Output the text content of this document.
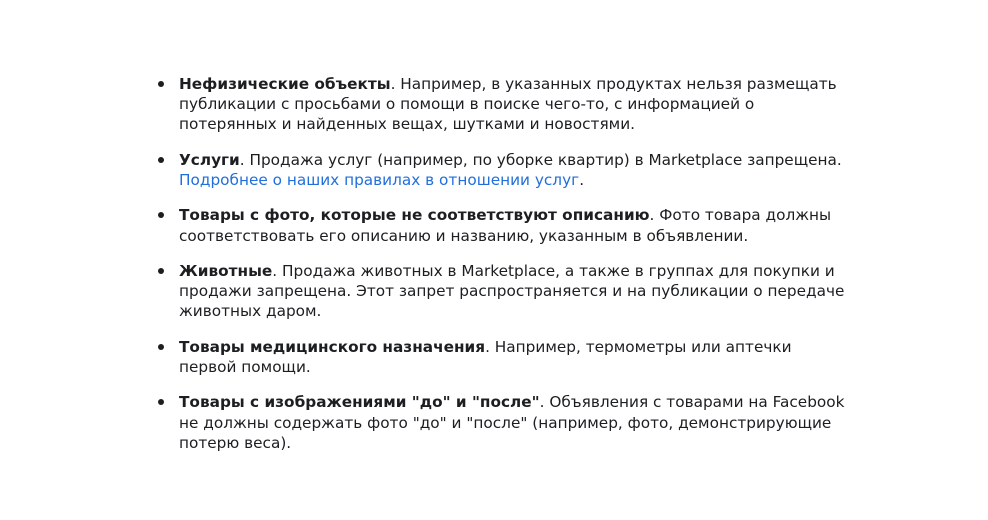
Нефизические объекты. Например, в указанных продуктах нельзя размещать публикации с просьбами о помощи в поиске чего-то, с информацией о потерянных и найденных вещах, шутками и новостями.
Услуги. Продажа услуг (например, по уборке квартир) в Marketplace запрещена. Подробнее о наших правилах в отношении услуг.
Товары с фото, которые не соответствуют описанию. Фото товара должны соответствовать его описанию и названию, указанным в объявлении.
Животные. Продажа животных в Marketplace, а также в группах для покупки и продажи запрещена. Этот запрет распространяется и на публикации о передаче животных даром.
Товары медицинского назначения. Например, термометры или аптечки первой помощи.
Товары с изображениями "до" и "после". Объявления с товарами на Facebook не должны содержать фото "до" и "после" (например, фото, демонстрирующие потерю веса).
